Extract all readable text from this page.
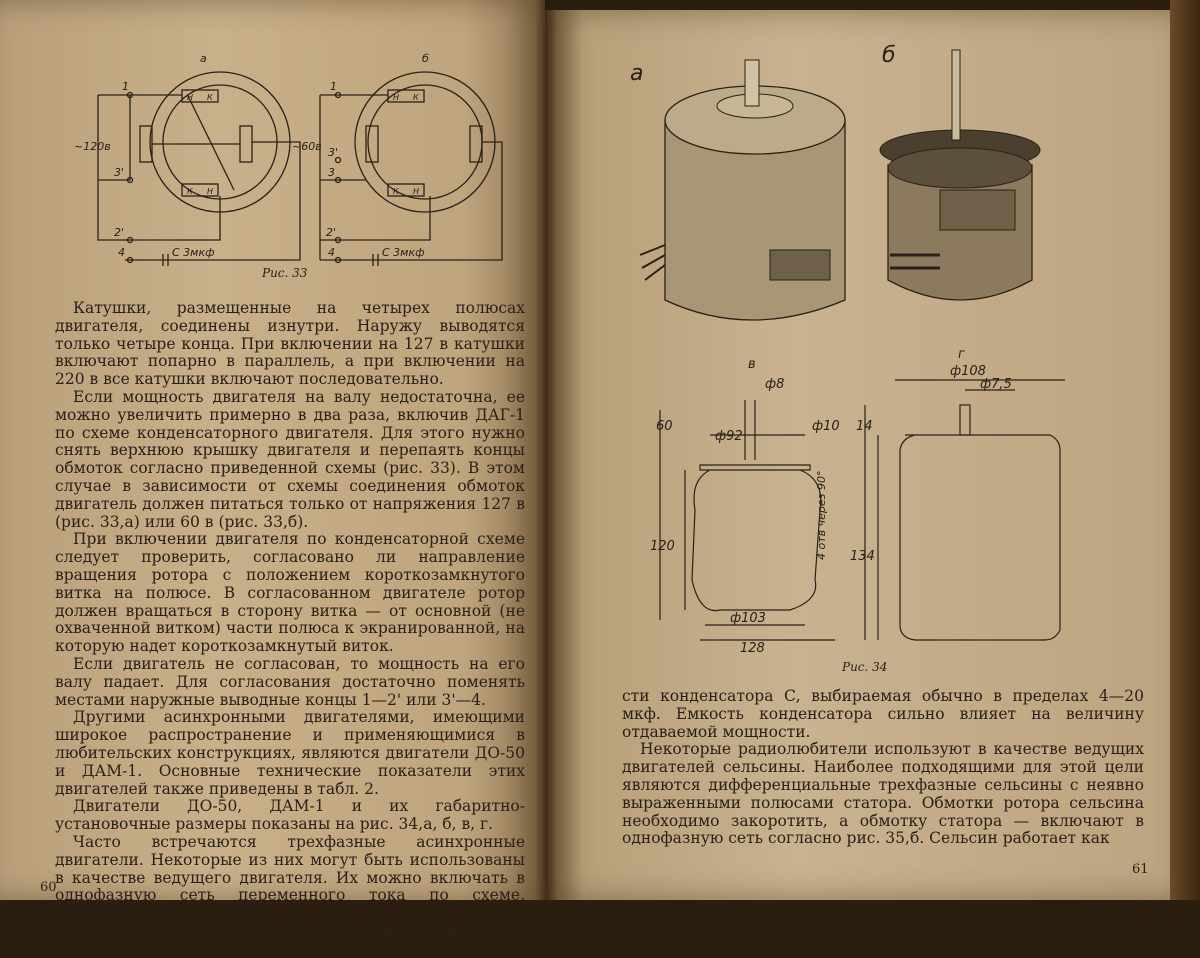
а	б
1
3'
2'
4
~120в
С 3мкф
1
3'
3
2'
4
~60в
С 3мкф
Н К
К Н
Н К
К Н
Рис. 33

Катушки, размещенные на четырех полюсах двигателя, соединены изнутри. Наружу выводятся только четыре конца. При включении на 127 в катушки включают попарно в параллель, а при включении на 220 в все катушки включают последовательно.

Если мощность двигателя на валу недостаточна, ее можно увеличить примерно в два раза, включив ДАГ-1 по схеме конденсаторного двигателя. Для этого нужно снять верхнюю крышку двигателя и перепаять концы обмоток согласно приведенной схемы (рис. 33). В этом случае в зависимости от схемы соединения обмоток двигатель должен питаться только от напряжения 127 в (рис. 33,а) или 60 в (рис. 33,б).

При включении двигателя по конденсаторной схеме следует проверить, согласовано ли направление вращения ротора с положением короткозамкнутого витка на полюсе. В согласованном двигателе ротор должен вращаться в сторону витка — от основной (не охваченной витком) части полюса к экранированной, на которую надет короткозамкнутый виток.

Если двигатель не согласован, то мощность на его валу падает. Для согласования достаточно поменять местами наружные выводные концы 1—2' или 3'—4.

Другими асинхронными двигателями, имеющими широкое распространение и применяющимися в любительских конструкциях, являются двигатели ДО-50 и ДАМ-1. Основные технические показатели этих двигателей также приведены в табл. 2.

Двигатели ДО-50, ДАМ-1 и их габаритно-установочные размеры показаны на рис. 34,а, б, в, г.

Часто встречаются трехфазные асинхронные двигатели. Некоторые из них могут быть использованы в качестве ведущего двигателя. Их можно включать в однофазную сеть переменного тока по схеме, приведенной на рис. 35,а.

В зависимости от типа двигателя меняется величина емко-

60
а
б
в
г
ф8
ф92
ф10
60
120
ф103
128
4 отв через 90°
ф108
ф7,5
14
134
Рис. 34

сти конденсатора С, выбираемая обычно в пределах 4—20 мкф. Емкость конденсатора сильно влияет на величину отдаваемой мощности.

Некоторые радиолюбители используют в качестве ведущих двигателей сельсины. Наиболее подходящими для этой цели являются дифференциальные трехфазные сельсины с неявно выраженными полюсами статора. Обмотки ротора сельсина необходимо закоротить, а обмотку статора — включают в однофазную сеть согласно рис. 35,б. Сельсин работает как

61
